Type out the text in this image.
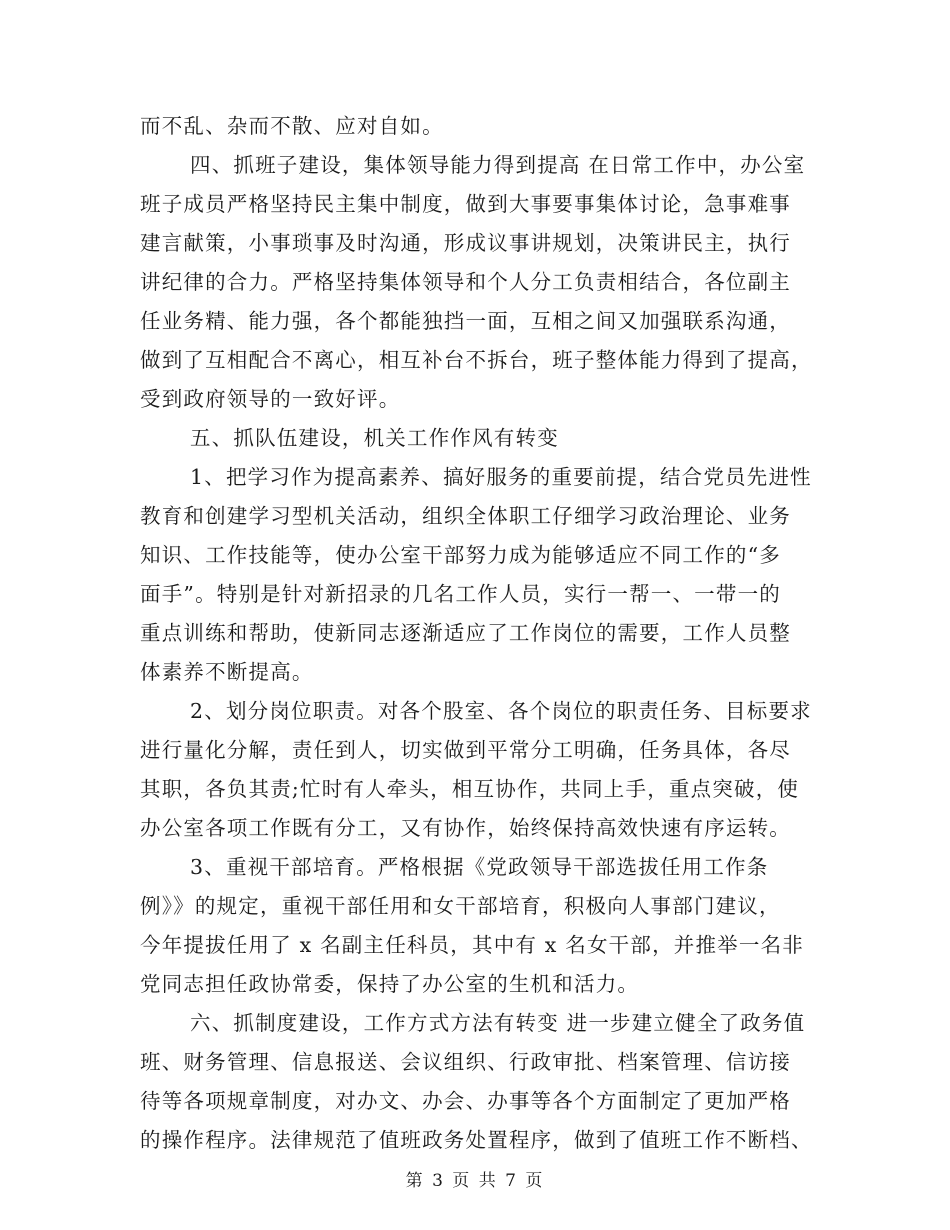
而不乱、杂而不散、应对自如。
四、抓班子建设，集体领导能力得到提高 在日常工作中，办公室
班子成员严格坚持民主集中制度，做到大事要事集体讨论，急事难事
建言献策，小事琐事及时沟通，形成议事讲规划，决策讲民主，执行
讲纪律的合力。严格坚持集体领导和个人分工负责相结合，各位副主
任业务精、能力强，各个都能独挡一面，互相之间又加强联系沟通，
做到了互相配合不离心，相互补台不拆台，班子整体能力得到了提高，
受到政府领导的一致好评。
五、抓队伍建设，机关工作作风有转变
1、把学习作为提高素养、搞好服务的重要前提，结合党员先进性
教育和创建学习型机关活动，组织全体职工仔细学习政治理论、业务
知识、工作技能等，使办公室干部努力成为能够适应不同工作的“多
面手”。特别是针对新招录的几名工作人员，实行一帮一、一带一的
重点训练和帮助，使新同志逐渐适应了工作岗位的需要，工作人员整
体素养不断提高。
2、划分岗位职责。对各个股室、各个岗位的职责任务、目标要求
进行量化分解，责任到人，切实做到平常分工明确，任务具体，各尽
其职，各负其责;忙时有人牵头，相互协作，共同上手，重点突破，使
办公室各项工作既有分工，又有协作，始终保持高效快速有序运转。
3、重视干部培育。严格根据《党政领导干部选拔任用工作条
例》》的规定，重视干部任用和女干部培育，积极向人事部门建议，
今年提拔任用了 x 名副主任科员，其中有 x 名女干部，并推举一名非
党同志担任政协常委，保持了办公室的生机和活力。
六、抓制度建设，工作方式方法有转变 进一步建立健全了政务值
班、财务管理、信息报送、会议组织、行政审批、档案管理、信访接
待等各项规章制度，对办文、办会、办事等各个方面制定了更加严格
的操作程序。法律规范了值班政务处置程序，做到了值班工作不断档、
第 3 页 共 7 页
